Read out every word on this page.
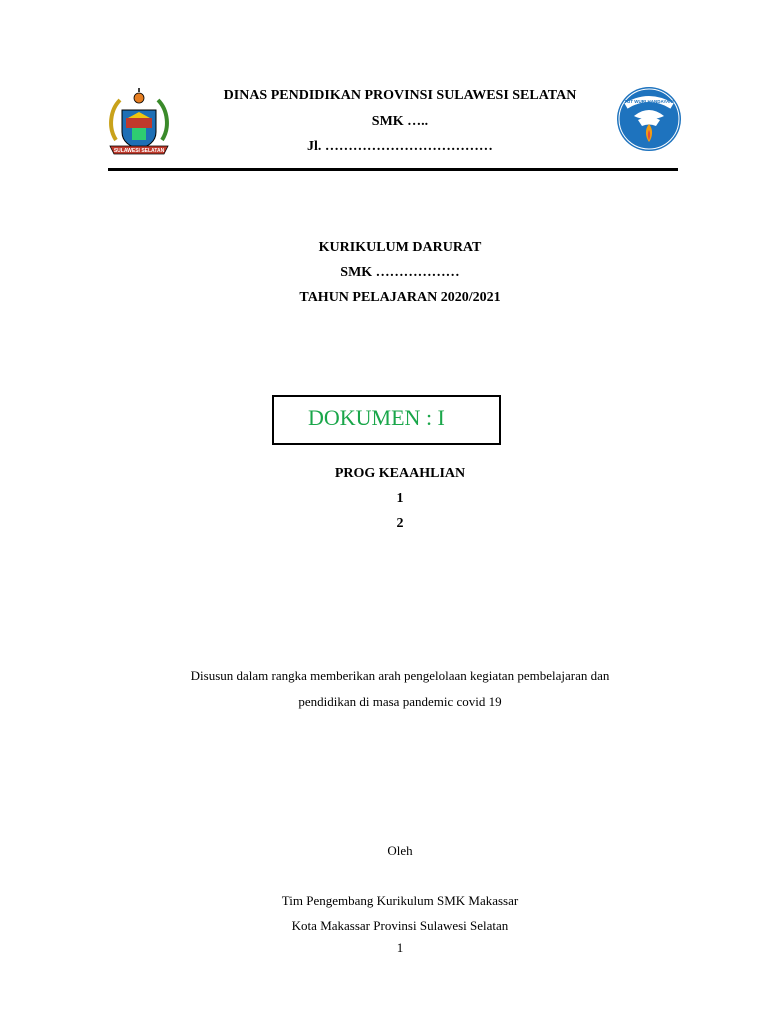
SULAWESI SELATAN
TUT WURI HANDAYANI
DINAS PENDIDIKAN PROVINSI SULAWESI SELATAN
SMK …..
Jl. ………………………………
KURIKULUM DARURAT
SMK ………………
TAHUN PELAJARAN 2020/2021
DOKUMEN : I
PROG KEAAHLIAN
1
2
Disusun dalam rangka memberikan arah pengelolaan kegiatan pembelajaran dan
pendidikan di masa pandemic covid 19
Oleh
Tim Pengembang Kurikulum SMK Makassar
Kota Makassar Provinsi Sulawesi Selatan
1
